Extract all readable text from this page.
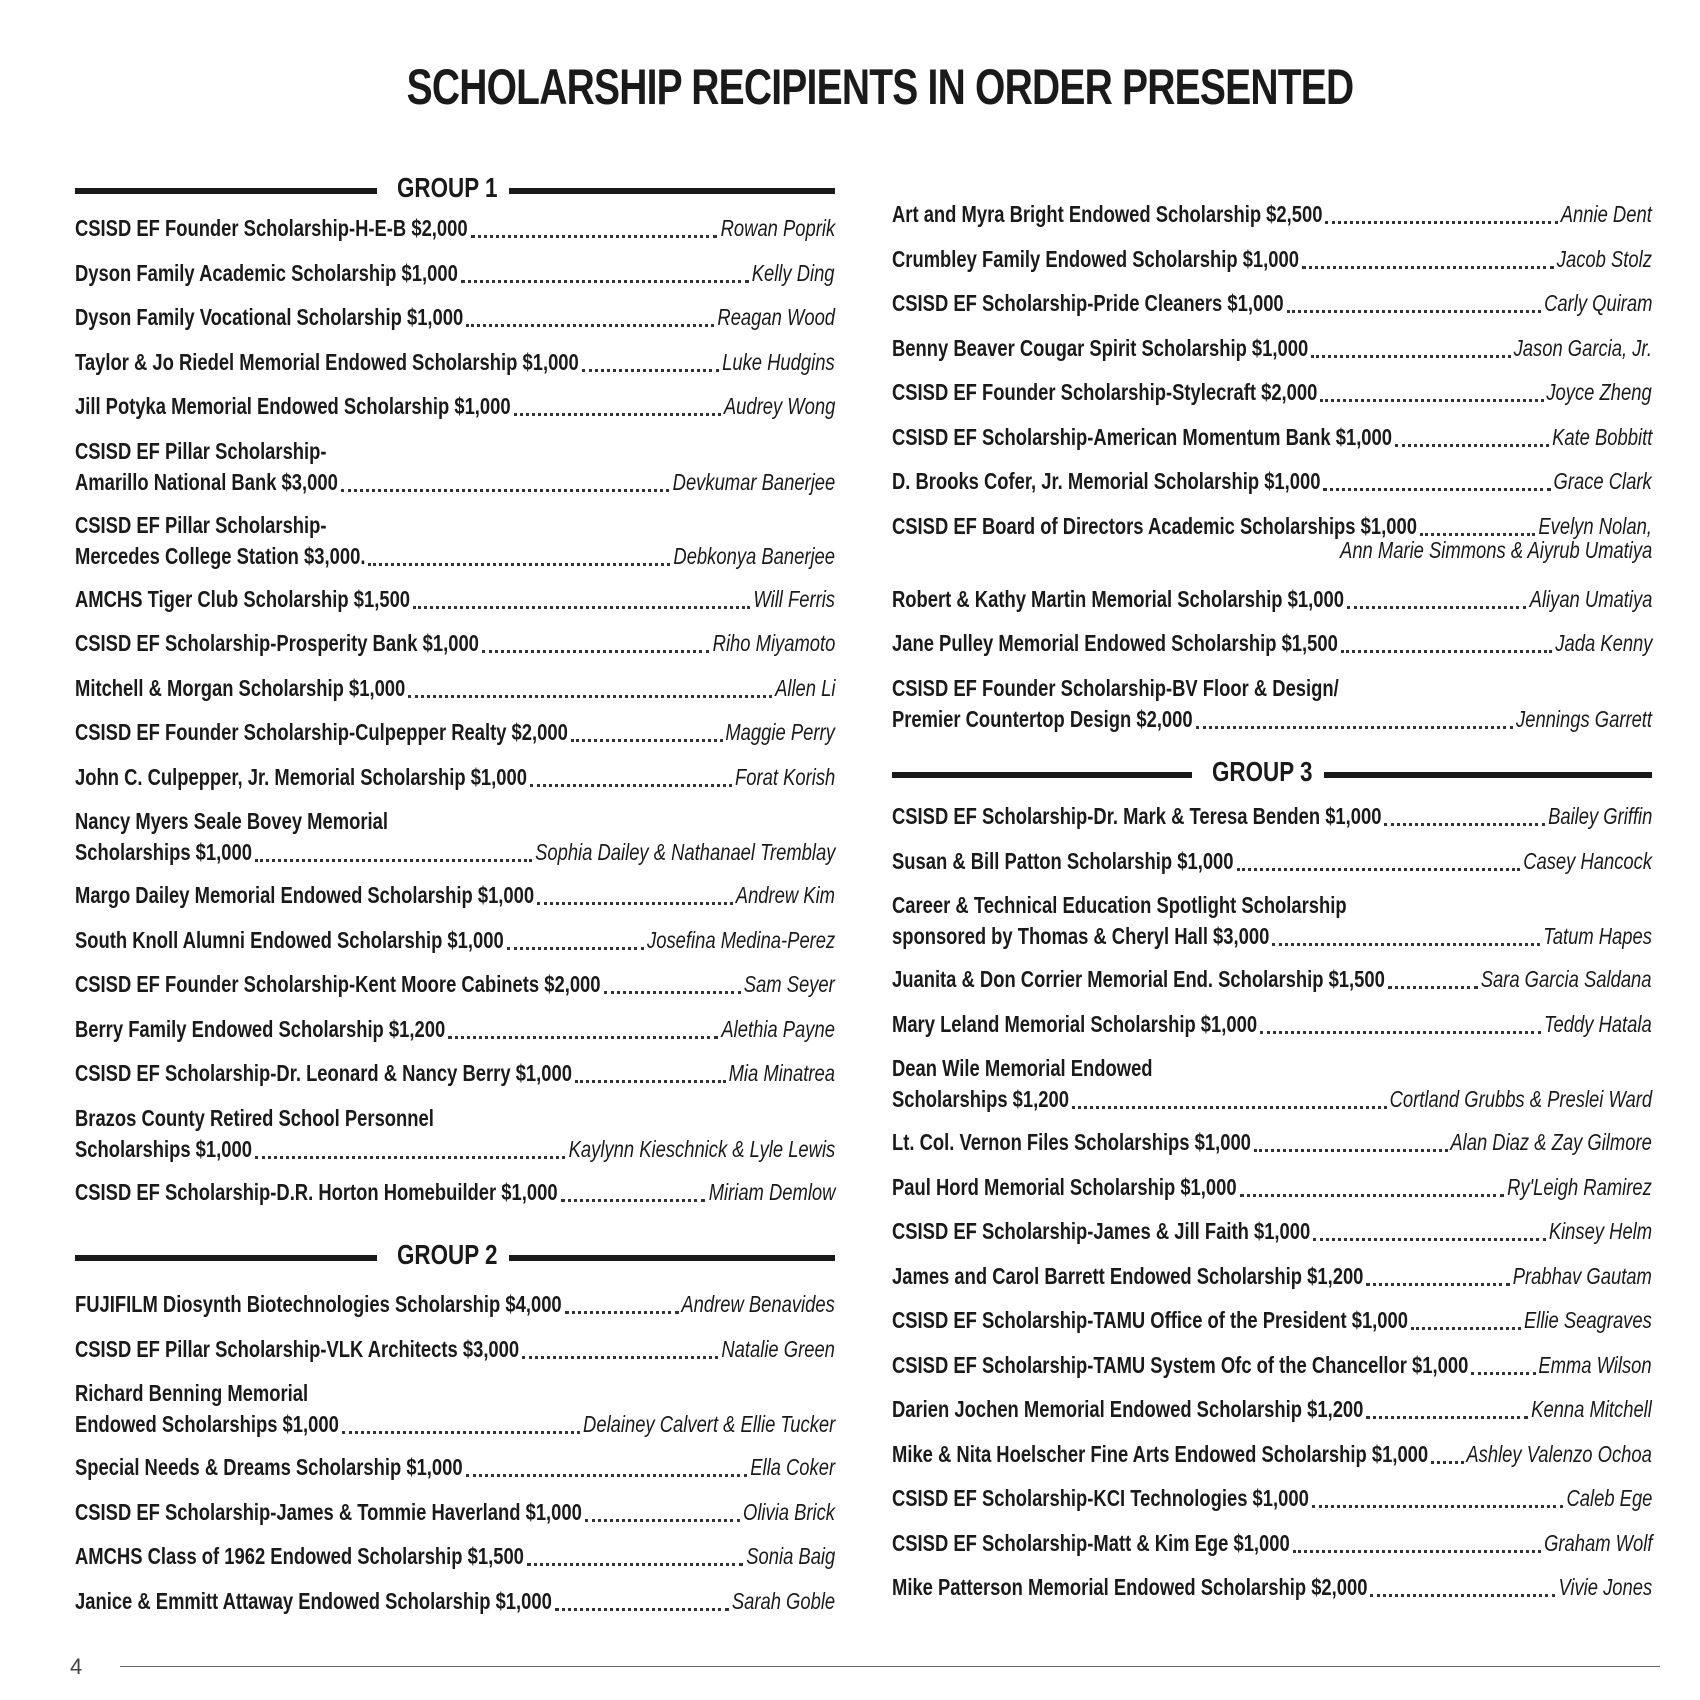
SCHOLARSHIP RECIPIENTS IN ORDER PRESENTED
GROUP 1
CSISD EF Founder Scholarship-H-E-B $2,000	Rowan Poprik
Dyson Family Academic Scholarship $1,000	Kelly Ding
Dyson Family Vocational Scholarship $1,000	Reagan Wood
Taylor & Jo Riedel Memorial Endowed Scholarship $1,000	Luke Hudgins
Jill Potyka Memorial Endowed Scholarship $1,000	Audrey Wong
CSISD EF Pillar Scholarship-
Amarillo National Bank $3,000	Devkumar Banerjee
CSISD EF Pillar Scholarship-
Mercedes College Station $3,000.	Debkonya Banerjee
AMCHS Tiger Club Scholarship $1,500	Will Ferris
CSISD EF Scholarship-Prosperity Bank $1,000	Riho Miyamoto
Mitchell & Morgan Scholarship $1,000	Allen Li
CSISD EF Founder Scholarship-Culpepper Realty $2,000	Maggie Perry
John C. Culpepper, Jr. Memorial Scholarship $1,000	Forat Korish
Nancy Myers Seale Bovey Memorial
Scholarships $1,000	Sophia Dailey & Nathanael Tremblay
Margo Dailey Memorial Endowed Scholarship $1,000	Andrew Kim
South Knoll Alumni Endowed Scholarship $1,000	Josefina Medina-Perez
CSISD EF Founder Scholarship-Kent Moore Cabinets $2,000	Sam Seyer
Berry Family Endowed Scholarship $1,200	Alethia Payne
CSISD EF Scholarship-Dr. Leonard & Nancy Berry $1,000	Mia Minatrea
Brazos County Retired School Personnel
Scholarships $1,000	Kaylynn Kieschnick & Lyle Lewis
CSISD EF Scholarship-D.R. Horton Homebuilder $1,000	Miriam Demlow
GROUP 2
FUJIFILM Diosynth Biotechnologies Scholarship $4,000	Andrew Benavides
CSISD EF Pillar Scholarship-VLK Architects $3,000	Natalie Green
Richard Benning Memorial
Endowed Scholarships $1,000	Delainey Calvert & Ellie Tucker
Special Needs & Dreams Scholarship $1,000	Ella Coker
CSISD EF Scholarship-James & Tommie Haverland $1,000	Olivia Brick
AMCHS Class of 1962 Endowed Scholarship $1,500	Sonia Baig
Janice & Emmitt Attaway Endowed Scholarship $1,000	Sarah Goble
Art and Myra Bright Endowed Scholarship $2,500	Annie Dent
Crumbley Family Endowed Scholarship $1,000	Jacob Stolz
CSISD EF Scholarship-Pride Cleaners $1,000	Carly Quiram
Benny Beaver Cougar Spirit Scholarship $1,000	Jason Garcia, Jr.
CSISD EF Founder Scholarship-Stylecraft $2,000	Joyce Zheng
CSISD EF Scholarship-American Momentum Bank $1,000	Kate Bobbitt
D. Brooks Cofer, Jr. Memorial Scholarship $1,000	Grace Clark
CSISD EF Board of Directors Academic Scholarships $1,000	Evelyn Nolan,
Ann Marie Simmons & Aiyrub Umatiya
Robert & Kathy Martin Memorial Scholarship $1,000	Aliyan Umatiya
Jane Pulley Memorial Endowed Scholarship $1,500	Jada Kenny
CSISD EF Founder Scholarship-BV Floor & Design/
Premier Countertop Design $2,000	Jennings Garrett
GROUP 3
CSISD EF Scholarship-Dr. Mark & Teresa Benden $1,000	Bailey Griffin
Susan & Bill Patton Scholarship $1,000	Casey Hancock
Career & Technical Education Spotlight Scholarship
sponsored by Thomas & Cheryl Hall $3,000	Tatum Hapes
Juanita & Don Corrier Memorial End. Scholarship $1,500	Sara Garcia Saldana
Mary Leland Memorial Scholarship $1,000	Teddy Hatala
Dean Wile Memorial Endowed
Scholarships $1,200	Cortland Grubbs & Preslei Ward
Lt. Col. Vernon Files Scholarships $1,000	Alan Diaz & Zay Gilmore
Paul Hord Memorial Scholarship $1,000	Ry'Leigh Ramirez
CSISD EF Scholarship-James & Jill Faith $1,000	Kinsey Helm
James and Carol Barrett Endowed Scholarship $1,200	Prabhav Gautam
CSISD EF Scholarship-TAMU Office of the President $1,000	Ellie Seagraves
CSISD EF Scholarship-TAMU System Ofc of the Chancellor $1,000	Emma Wilson
Darien Jochen Memorial Endowed Scholarship $1,200	Kenna Mitchell
Mike & Nita Hoelscher Fine Arts Endowed Scholarship $1,000 Ashley Valenzo Ochoa
CSISD EF Scholarship-KCI Technologies $1,000	Caleb Ege
CSISD EF Scholarship-Matt & Kim Ege $1,000	Graham Wolf
Mike Patterson Memorial Endowed Scholarship $2,000	Vivie Jones
4
